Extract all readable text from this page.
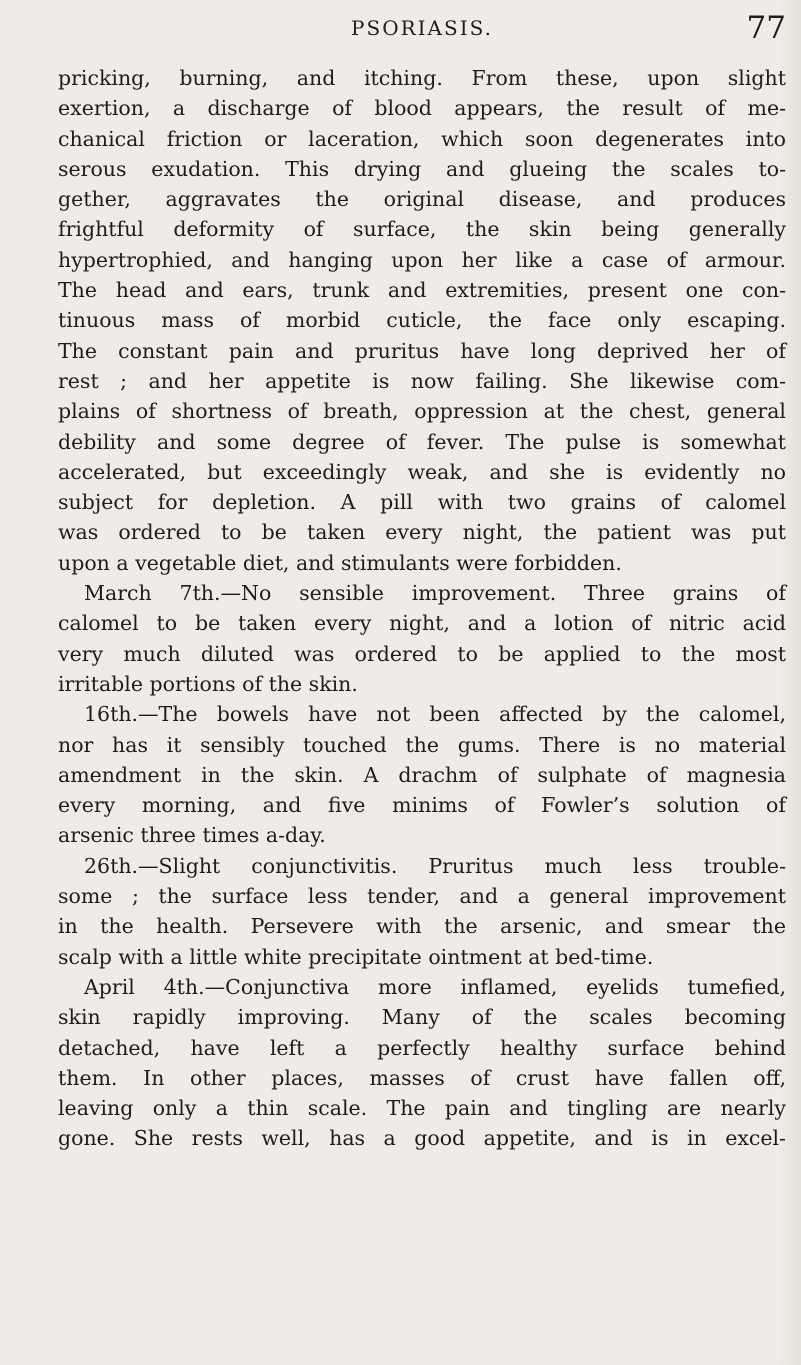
PSORIASIS.	77
pricking, burning, and itching. From these, upon slight
exertion, a discharge of blood appears, the result of me-
chanical friction or laceration, which soon degenerates into
serous exudation. This drying and glueing the scales to-
gether, aggravates the original disease, and produces
frightful deformity of surface, the skin being generally
hypertrophied, and hanging upon her like a case of armour.
The head and ears, trunk and extremities, present one con-
tinuous mass of morbid cuticle, the face only escaping.
The constant pain and pruritus have long deprived her of
rest ; and her appetite is now failing. She likewise com-
plains of shortness of breath, oppression at the chest, general
debility and some degree of fever. The pulse is somewhat
accelerated, but exceedingly weak, and she is evidently no
subject for depletion. A pill with two grains of calomel
was ordered to be taken every night, the patient was put
upon a vegetable diet, and stimulants were forbidden.
March 7th.—No sensible improvement. Three grains of
calomel to be taken every night, and a lotion of nitric acid
very much diluted was ordered to be applied to the most
irritable portions of the skin.
16th.—The bowels have not been affected by the calomel,
nor has it sensibly touched the gums. There is no material
amendment in the skin. A drachm of sulphate of magnesia
every morning, and five minims of Fowler’s solution of
arsenic three times a-day.
26th.—Slight conjunctivitis. Pruritus much less trouble-
some ; the surface less tender, and a general improvement
in the health. Persevere with the arsenic, and smear the
scalp with a little white precipitate ointment at bed-time.
April 4th.—Conjunctiva more inflamed, eyelids tumefied,
skin rapidly improving. Many of the scales becoming
detached, have left a perfectly healthy surface behind
them. In other places, masses of crust have fallen off,
leaving only a thin scale. The pain and tingling are nearly
gone. She rests well, has a good appetite, and is in excel-
